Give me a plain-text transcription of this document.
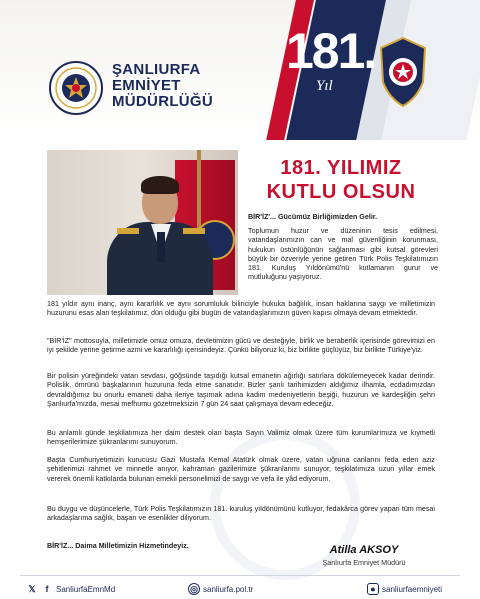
ŞANLIURFA
EMNİYET
MÜDÜRLÜĞÜ
181.
Yıl
181. YILIMIZ
KUTLU OLSUN
BİR'İZ'... Gücümüz Birliğimizden Gelir.
Toplumun huzur ve düzeninin tesis edilmesi, vatandaşlarımızın can ve mal güvenliğinin korunması, hukukun üstünlüğünün sağlanması gibi kutsal görevleri büyük bir özveriyle yerine getiren Türk Polis Teşkilatımızın 181. Kuruluş Yıldönümü'nü kutlamanın gurur ve mutluluğunu yaşıyoruz.
181 yıldır aynı inanç, aynı kararlılık ve aynı sorumluluk bilinciyle hukuka bağlılık, insan haklarına saygı ve milletimizin huzurunu esas alan teşkilatımız, dün olduğu gibi bugün de vatandaşlarımızın güven kapısı olmaya devam etmektedir.
"BİR'İZ" mottosuyla, milletimizle omuz omuza, devletimizin gücü ve desteğiyle, birlik ve beraberlik içerisinde görevimizi en iyi şekilde yerine getirme azmi ve kararlılığı içerisindeyiz. Çünkü biliyoruz ki, biz birlikte güçlüyüz, biz birlikte Türkiye'yiz.
Bir polisin yüreğindeki vatan sevdası, göğsünde taşıdığı kutsal emanetin ağırlığı satırlara dökülemeyecek kadar derindir. Polislik, ömrünü başkalarının huzuruna feda etme sanatıdır. Bizler şanlı tarihimizden aldığımız ilhamla, ecdadımızdan devraldığımız bu onurlu emaneti daha ileriye taşımak adına kadim medeniyetlerin beşiği, huzurun ve kardeşliğin şehri Şanlıurfa'mızda, mesai mefhumu gözetmeksizin 7 gün 24 saat çalışmaya devam edeceğiz.
Bu anlamlı günde teşkilatımıza her daim destek olan başta Sayın Valimiz olmak üzere tüm kurumlarımıza ve kıymetli hemşerilerimize şükranlarımı sunuyorum.
Başta Cumhuriyetimizin kurucusu Gazi Mustafa Kemal Atatürk olmak üzere, vatan uğruna canlarını feda eden aziz şehitlerimizi rahmet ve minnetle anıyor, kahraman gazilerimize şükranlarımı sunuyor, teşkilatımıza uzun yıllar emek vererek önemli katkılarda bulunan emekli personelimizi de saygı ve vefa ile yâd ediyorum.
Bu duygu ve düşüncelerle, Türk Polis Teşkilatımızın 181. kuruluş yıldönümünü kutluyor, fedakârca görev yapan tüm mesai arkadaşlarıma sağlık, başarı ve esenlikler diliyorum.
BİR'İZ... Daima Milletimizin Hizmetindeyiz.	Atilla AKSOY
Şanlıurfa Emniyet Müdürü
𝕏	f SanliurfaEmnMd	◎ sanliurfa.pol.tr	● sanliurfaemniyeti
